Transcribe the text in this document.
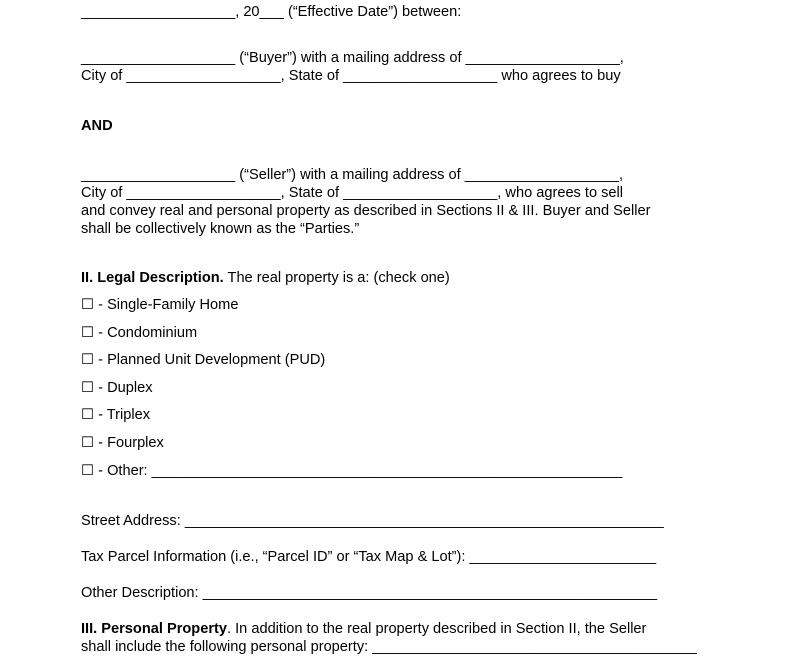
___________________, 20___ (“Effective Date”) between:
___________________ (“Buyer”) with a mailing address of ___________________,
City of ___________________, State of ___________________ who agrees to buy
AND
___________________ (“Seller”) with a mailing address of ___________________,
City of ___________________, State of ___________________, who agrees to sell
and convey real and personal property as described in Sections II & III. Buyer and Seller
shall be collectively known as the “Parties.”
II. Legal Description. The real property is a: (check one)
☐ - Single-Family Home
☐ - Condominium
☐ - Planned Unit Development (PUD)
☐ - Duplex
☐ - Triplex
☐ - Fourplex
☐ - Other: __________________________________________________________
Street Address: ___________________________________________________________
Tax Parcel Information (i.e., “Parcel ID” or “Tax Map & Lot”): _______________________
Other Description: ________________________________________________________
III. Personal Property. In addition to the real property described in Section II, the Seller
shall include the following personal property: ________________________________________
